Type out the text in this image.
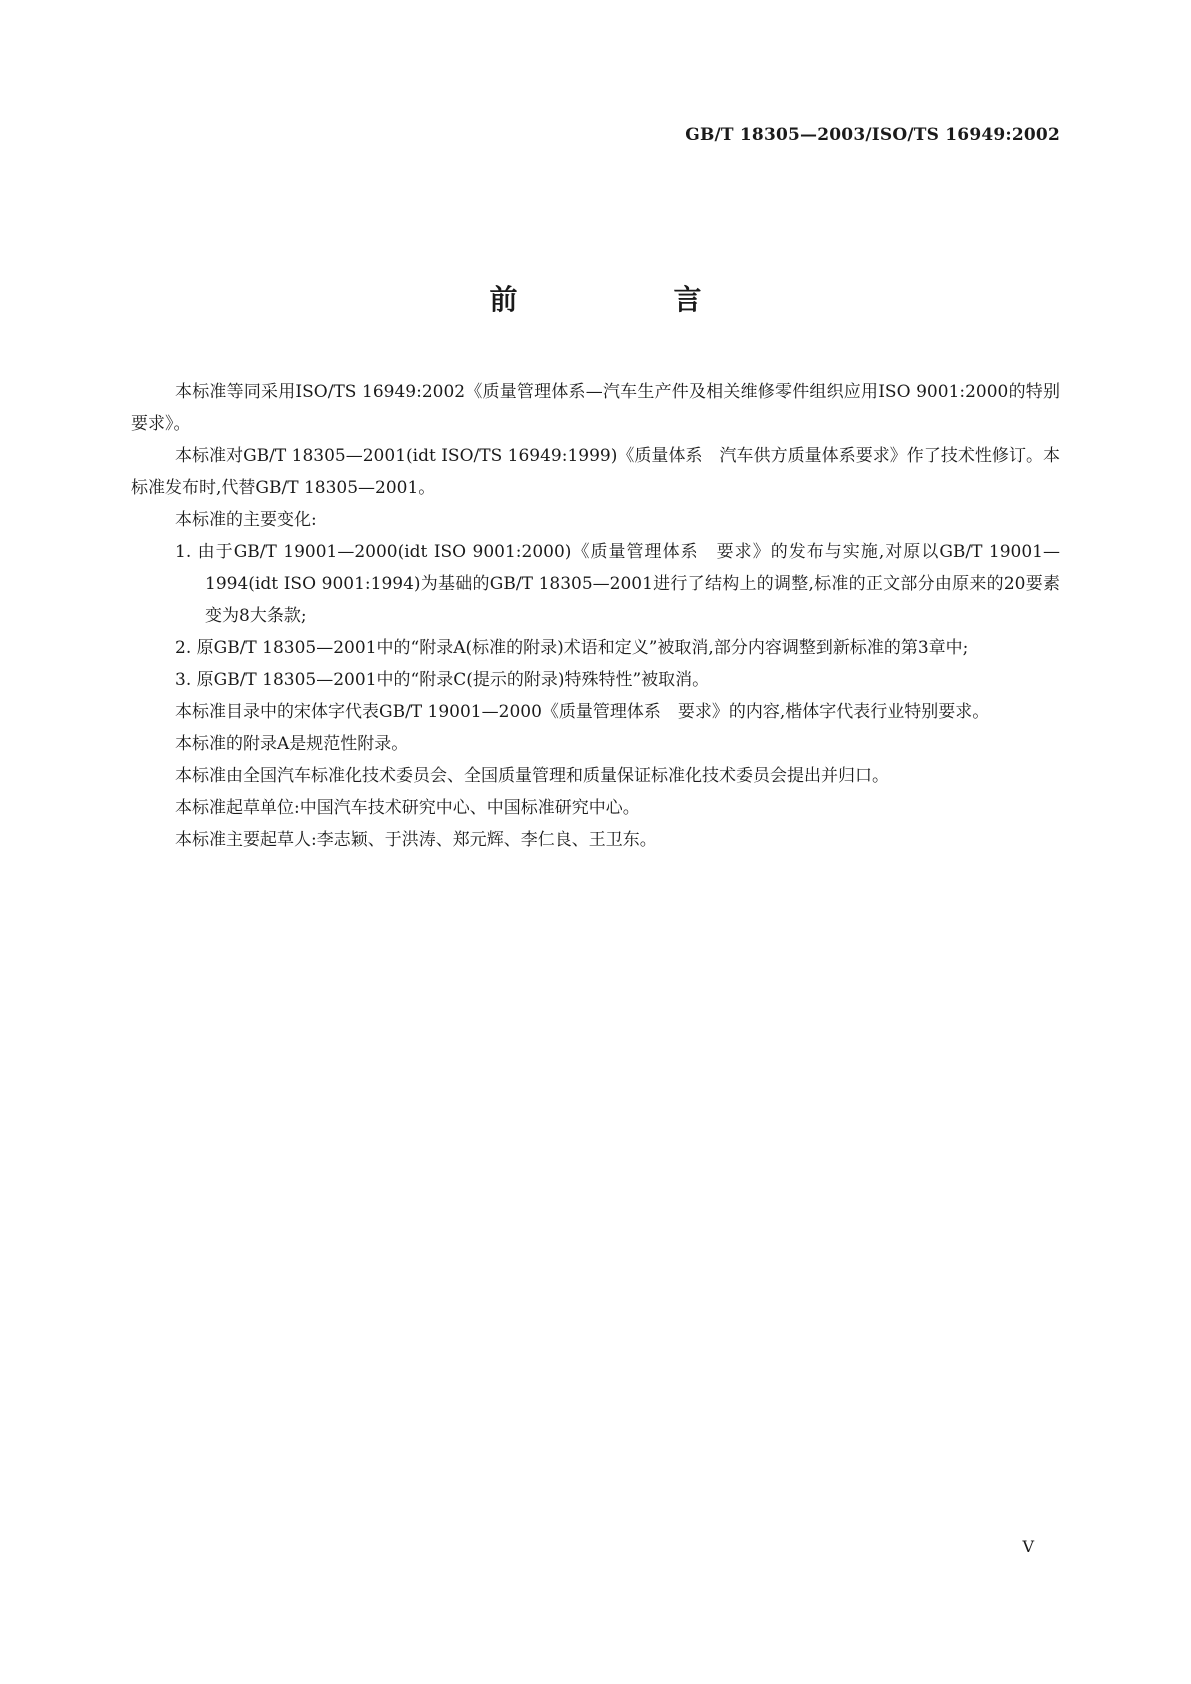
GB/T 18305—2003/ISO/TS 16949:2002
前　言

本标准等同采用ISO/TS 16949:2002《质量管理体系—汽车生产件及相关维修零件组织应用ISO 9001:2000的特别要求》。

本标准对GB/T 18305—2001(idt ISO/TS 16949:1999)《质量体系　汽车供方质量体系要求》作了技术性修订。本标准发布时,代替GB/T 18305—2001。

本标准的主要变化:

1. 由于GB/T 19001—2000(idt ISO 9001:2000)《质量管理体系　要求》的发布与实施,对原以GB/T 19001—1994(idt ISO 9001:1994)为基础的GB/T 18305—2001进行了结构上的调整,标准的正文部分由原来的20要素变为8大条款;

2. 原GB/T 18305—2001中的“附录A(标准的附录)术语和定义”被取消,部分内容调整到新标准的第3章中;

3. 原GB/T 18305—2001中的“附录C(提示的附录)特殊特性”被取消。

本标准目录中的宋体字代表GB/T 19001—2000《质量管理体系　要求》的内容,楷体字代表行业特别要求。

本标准的附录A是规范性附录。

本标准由全国汽车标准化技术委员会、全国质量管理和质量保证标准化技术委员会提出并归口。

本标准起草单位:中国汽车技术研究中心、中国标准研究中心。

本标准主要起草人:李志颖、于洪涛、郑元辉、李仁良、王卫东。

V
